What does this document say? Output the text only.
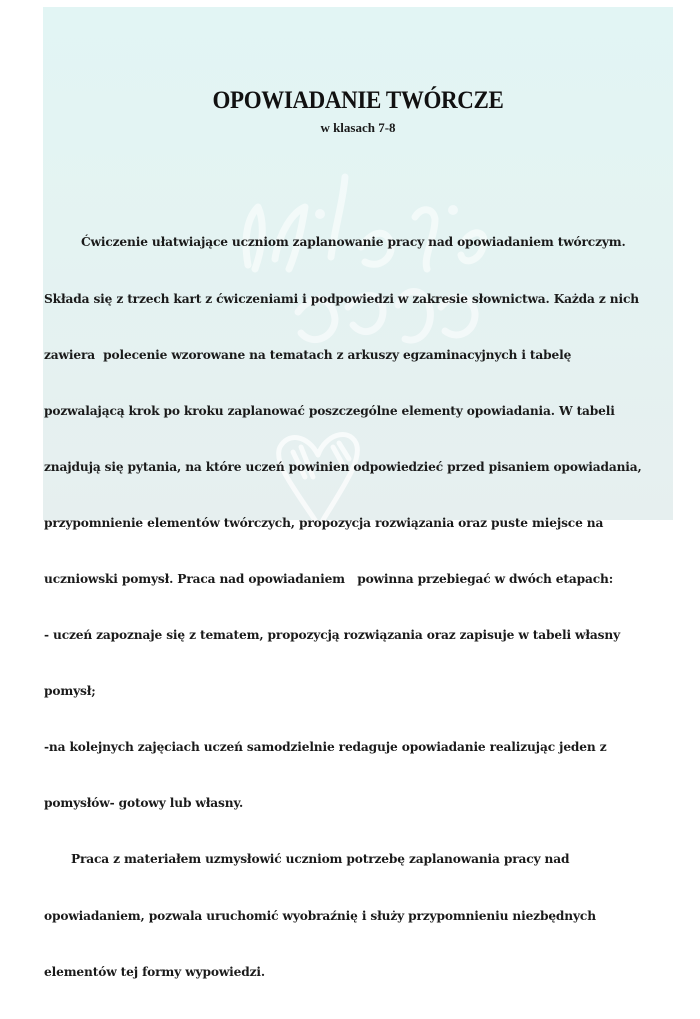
OPOWIADANIE TWÓRCZE
w klasach 7-8

Ćwiczenie ułatwiające uczniom zaplanowanie pracy nad opowiadaniem twórczym.

Składa się z trzech kart z ćwiczeniami i podpowiedzi w zakresie słownictwa. Każda z nich

zawiera  polecenie wzorowane na tematach z arkuszy egzaminacyjnych i tabelę

pozwalającą krok po kroku zaplanować poszczególne elementy opowiadania. W tabeli

znajdują się pytania, na które uczeń powinien odpowiedzieć przed pisaniem opowiadania,

przypomnienie elementów twórczych, propozycja rozwiązania oraz puste miejsce na

uczniowski pomysł. Praca nad opowiadaniem   powinna przebiegać w dwóch etapach:

- uczeń zapoznaje się z tematem, propozycją rozwiązania oraz zapisuje w tabeli własny

pomysł;

-na kolejnych zajęciach uczeń samodzielnie redaguje opowiadanie realizując jeden z

pomysłów- gotowy lub własny.

Praca z materiałem uzmysłowić uczniom potrzebę zaplanowania pracy nad

opowiadaniem, pozwala uruchomić wyobraźnię i służy przypomnieniu niezbędnych

elementów tej formy wypowiedzi.
